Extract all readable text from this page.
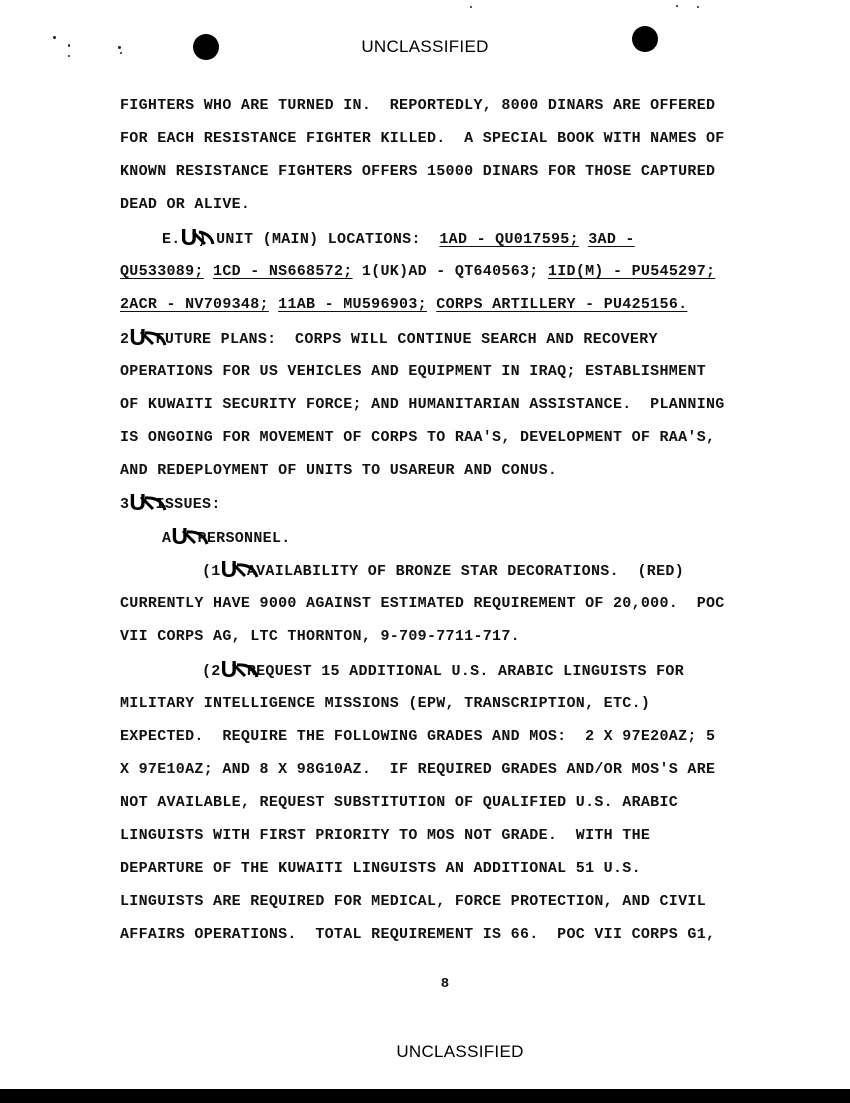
UNCLASSIFIED
FIGHTERS WHO ARE TURNED IN.  REPORTEDLY, 8000 DINARS ARE OFFERED
FOR EACH RESISTANCE FIGHTER KILLED.  A SPECIAL BOOK WITH NAMES OF
KNOWN RESISTANCE FIGHTERS OFFERS 15000 DINARS FOR THOSE CAPTURED
DEAD OR ALIVE.
E.U
) UNIT (MAIN) LOCATIONS:  1AD - QU017595; 3AD -
QU533089; 1CD - NS668572; 1(UK)AD - QT640563; 1ID(M) - PU545297;
2ACR - NV709348; 11AB - MU596903; CORPS ARTILLERY - PU425156.
2U
FUTURE PLANS:  CORPS WILL CONTINUE SEARCH AND RECOVERY
OPERATIONS FOR US VEHICLES AND EQUIPMENT IN IRAQ; ESTABLISHMENT
OF KUWAITI SECURITY FORCE; AND HUMANITARIAN ASSISTANCE.  PLANNING
IS ONGOING FOR MOVEMENT OF CORPS TO RAA'S, DEVELOPMENT OF RAA'S,
AND REDEPLOYMENT OF UNITS TO USAREUR AND CONUS.
3U
ISSUES:
AU
PERSONNEL.
(1U
AVAILABILITY OF BRONZE STAR DECORATIONS.  (RED)
CURRENTLY HAVE 9000 AGAINST ESTIMATED REQUIREMENT OF 20,000.  POC
VII CORPS AG, LTC THORNTON, 9-709-7711-717.
(2U
REQUEST 15 ADDITIONAL U.S. ARABIC LINGUISTS FOR
MILITARY INTELLIGENCE MISSIONS (EPW, TRANSCRIPTION, ETC.)
EXPECTED.  REQUIRE THE FOLLOWING GRADES AND MOS:  2 X 97E20AZ; 5
X 97E10AZ; AND 8 X 98G10AZ.  IF REQUIRED GRADES AND/OR MOS'S ARE
NOT AVAILABLE, REQUEST SUBSTITUTION OF QUALIFIED U.S. ARABIC
LINGUISTS WITH FIRST PRIORITY TO MOS NOT GRADE.  WITH THE
DEPARTURE OF THE KUWAITI LINGUISTS AN ADDITIONAL 51 U.S.
LINGUISTS ARE REQUIRED FOR MEDICAL, FORCE PROTECTION, AND CIVIL
AFFAIRS OPERATIONS.  TOTAL REQUIREMENT IS 66.  POC VII CORPS G1,
8
UNCLASSIFIED
